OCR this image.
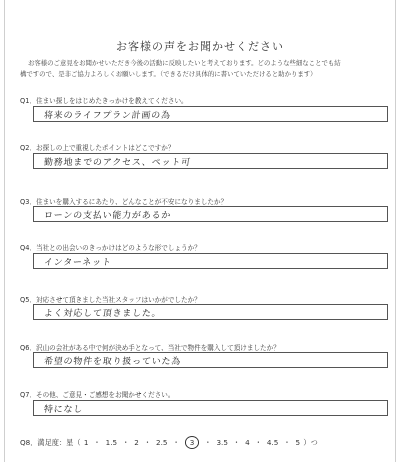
お客様の声をお聞かせください

お客様のご意見をお聞かせいただき今後の活動に反映したいと考えております。どのような些細なことでも結

構ですので、是非ご協力よろしくお願いします。（できるだけ具体的に書いていただけると助かります）

Q1．住まい探しをはじめたきっかけを教えてください。
将来のライフプラン計画の為
Q2．お探しの上で重視したポイントはどこですか？
勤務地までのアクセス、ペット可
Q3．住まいを購入するにあたり、どんなことが不安になりましたか？
ローンの支払い能力があるか
Q4．当社との出会いのきっかけはどのような形でしょうか？
インターネット
Q5．対応させて頂きました当社スタッフはいかがでしたか？
よく対応して頂きました。
Q6．沢山の会社がある中で何が決め手となって、当社で物件を購入して頂けましたか？
希望の物件を取り扱っていた為
Q7．その他、ご意見・ご感想をお聞かせください。
特になし
Q8．満足度：星（ 1 ・ 1.5 ・ 2 ・ 2.5 ・ 3 ・ 3.5 ・ 4 ・ 4.5 ・ 5 ）つ
